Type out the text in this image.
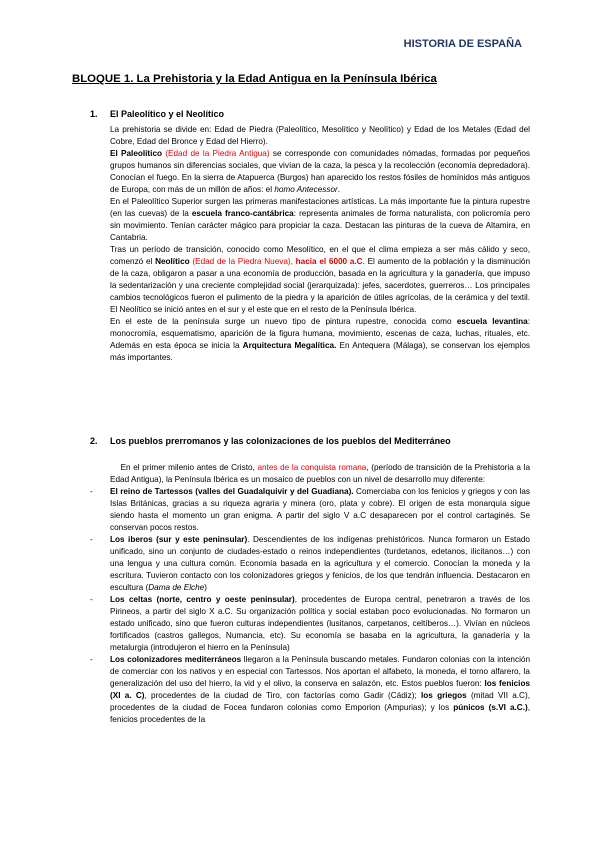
HISTORIA DE ESPAÑA
BLOQUE 1. La Prehistoria y la Edad Antigua en la Península Ibérica
1. El Paleolítico y el Neolítico

La prehistoria se divide en: Edad de Piedra (Paleolítico, Mesolítico y Neolítico) y Edad de los Metales (Edad del Cobre, Edad del Bronce y Edad del Hierro).

El Paleolítico (Edad de la Piedra Antigua) se corresponde con comunidades nómadas, formadas por pequeños grupos humanos sin diferencias sociales, que vivían de la caza, la pesca y la recolección (economía depredadora). Conocían el fuego. En la sierra de Atapuerca (Burgos) han aparecido los restos fósiles de homínidos más antiguos de Europa, con más de un millón de años: el homo Antecessor.

En el Paleolítico Superior surgen las primeras manifestaciones artísticas. La más importante fue la pintura rupestre (en las cuevas) de la escuela franco-cantábrica: representa animales de forma naturalista, con policromía pero sin movimiento. Tenían carácter mágico para propiciar la caza. Destacan las pinturas de la cueva de Altamira, en Cantabria.

Tras un período de transición, conocido como Mesolítico, en el que el clima empieza a ser más cálido y seco, comenzó el Neolítico (Edad de la Piedra Nueva), hacia el 6000 a.C. El aumento de la población y la disminución de la caza, obligaron a pasar a una economía de producción, basada en la agricultura y la ganadería, que impuso la sedentarización y una creciente complejidad social (jerarquizada): jefes, sacerdotes, guerreros… Los principales cambios tecnológicos fueron el pulimento de la piedra y la aparición de útiles agrícolas, de la cerámica y del textil. El Neolítico se inició antes en el sur y el este que en el resto de la Península Ibérica.

En el este de la península surge un nuevo tipo de pintura rupestre, conocida como escuela levantina: monocromía, esquematismo, aparición de la figura humana, movimiento, escenas de caza, luchas, rituales, etc. Además en esta época se inicia la Arquitectura Megalítica. En Antequera (Málaga), se conservan los ejemplos más importantes.

2. Los pueblos prerromanos y las colonizaciones de los pueblos del Mediterráneo

En el primer milenio antes de Cristo, antes de la conquista romana, (período de transición de la Prehistoria a la Edad Antigua), la Península Ibérica es un mosaico de pueblos con un nivel de desarrollo muy diferente:

- El reino de Tartessos (valles del Guadalquivir y del Guadiana). Comerciaba con los fenicios y griegos y con las Islas Británicas, gracias a su riqueza agraria y minera (oro, plata y cobre). El origen de esta monarquía sigue siendo hasta el momento un gran enigma. A partir del siglo V a.C desaparecen por el control cartaginés. Se conservan pocos restos.

- Los iberos (sur y este peninsular). Descendientes de los indígenas prehistóricos. Nunca formaron un Estado unificado, sino un conjunto de ciudades-estado o reinos independientes (turdetanos, edetanos, ilicitanos…) con una lengua y una cultura común. Economía basada en la agricultura y el comercio. Conocían la moneda y la escritura. Tuvieron contacto con los colonizadores griegos y fenicios, de los que tendrán influencia. Destacaron en escultura (Dama de Elche)

- Los celtas (norte, centro y oeste peninsular), procedentes de Europa central, penetraron a través de los Pirineos, a partir del siglo X a.C. Su organización política y social estaban poco evolucionadas. No formaron un estado unificado, sino que fueron culturas independientes (lusitanos, carpetanos, celtíberos…). Vivían en núcleos fortificados (castros gallegos, Numancia, etc). Su economía se basaba en la agricultura, la ganadería y la metalurgia (introdujeron el hierro en la Península)

- Los colonizadores mediterráneos llegaron a la Península buscando metales. Fundaron colonias con la intención de comerciar con los nativos y en especial con Tartessos. Nos aportan el alfabeto, la moneda, el torno alfarero, la generalización del uso del hierro, la vid y el olivo, la conserva en salazón, etc. Estos pueblos fueron: los fenicios (XI a. C), procedentes de la ciudad de Tiro, con factorías como Gadir (Cádiz); los griegos (mitad VII a.C), procedentes de la ciudad de Focea fundaron colonias como Emporion (Ampurias); y los púnicos (s.VI a.C.), fenicios procedentes de la
